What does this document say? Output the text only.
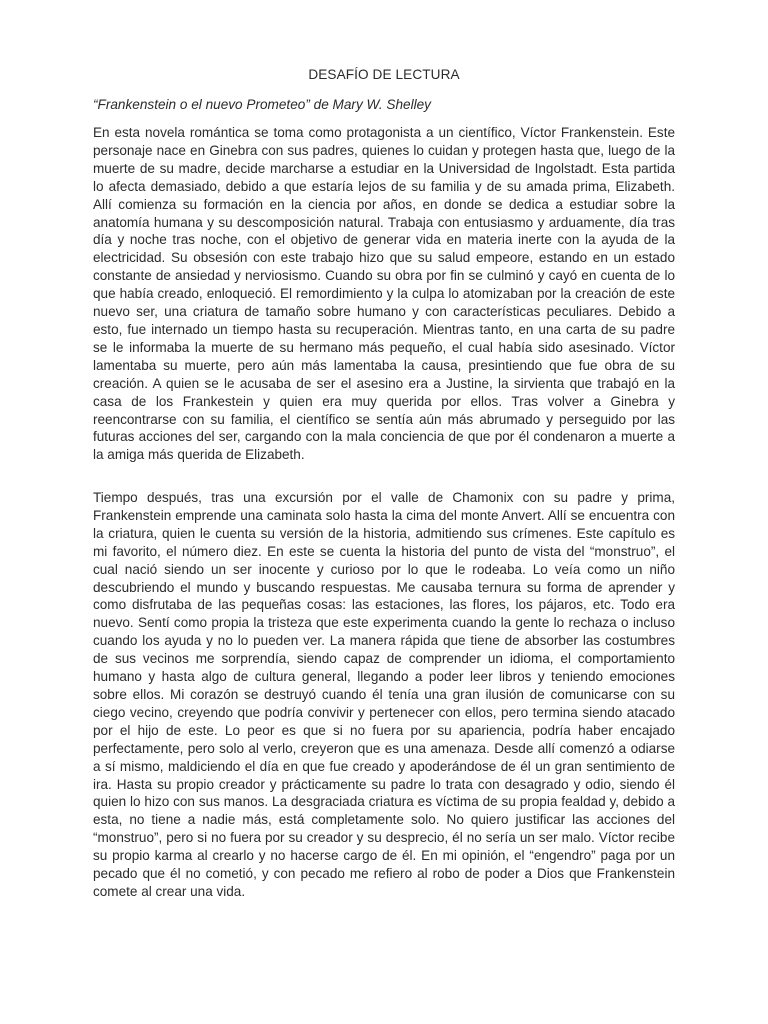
DESAFÍO DE LECTURA

“Frankenstein o el nuevo Prometeo” de Mary W. Shelley

En esta novela romántica se toma como protagonista a un científico, Víctor Frankenstein. Este personaje nace en Ginebra con sus padres, quienes lo cuidan y protegen hasta que, luego de la muerte de su madre, decide marcharse a estudiar en la Universidad de Ingolstadt. Esta partida lo afecta demasiado, debido a que estaría lejos de su familia y de su amada prima, Elizabeth. Allí comienza su formación en la ciencia por años, en donde se dedica a estudiar sobre la anatomía humana y su descomposición natural. Trabaja con entusiasmo y arduamente, día tras día y noche tras noche, con el objetivo de generar vida en materia inerte con la ayuda de la electricidad. Su obsesión con este trabajo hizo que su salud empeore, estando en un estado constante de ansiedad y nerviosismo. Cuando su obra por fin se culminó y cayó en cuenta de lo que había creado, enloqueció. El remordimiento y la culpa lo atomizaban por la creación de este nuevo ser, una criatura de tamaño sobre humano y con características peculiares. Debido a esto, fue internado un tiempo hasta su recuperación. Mientras tanto, en una carta de su padre se le informaba la muerte de su hermano más pequeño, el cual había sido asesinado. Víctor lamentaba su muerte, pero aún más lamentaba la causa, presintiendo que fue obra de su creación. A quien se le acusaba de ser el asesino era a Justine, la sirvienta que trabajó en la casa de los Frankestein y quien era muy querida por ellos. Tras volver a Ginebra y reencontrarse con su familia, el científico se sentía aún más abrumado y perseguido por las futuras acciones del ser, cargando con la mala conciencia de que por él condenaron a muerte a la amiga más querida de Elizabeth.

Tiempo después, tras una excursión por el valle de Chamonix con su padre y prima, Frankenstein emprende una caminata solo hasta la cima del monte Anvert. Allí se encuentra con la criatura, quien le cuenta su versión de la historia, admitiendo sus crímenes. Este capítulo es mi favorito, el número diez. En este se cuenta la historia del punto de vista del “monstruo”, el cual nació siendo un ser inocente y curioso por lo que le rodeaba. Lo veía como un niño descubriendo el mundo y buscando respuestas. Me causaba ternura su forma de aprender y como disfrutaba de las pequeñas cosas: las estaciones, las flores, los pájaros, etc. Todo era nuevo. Sentí como propia la tristeza que este experimenta cuando la gente lo rechaza o incluso cuando los ayuda y no lo pueden ver. La manera rápida que tiene de absorber las costumbres de sus vecinos me sorprendía, siendo capaz de comprender un idioma, el comportamiento humano y hasta algo de cultura general, llegando a poder leer libros y teniendo emociones sobre ellos. Mi corazón se destruyó cuando él tenía una gran ilusión de comunicarse con su ciego vecino, creyendo que podría convivir y pertenecer con ellos, pero termina siendo atacado por el hijo de este. Lo peor es que si no fuera por su apariencia, podría haber encajado perfectamente, pero solo al verlo, creyeron que es una amenaza. Desde allí comenzó a odiarse a sí mismo, maldiciendo el día en que fue creado y apoderándose de él un gran sentimiento de ira. Hasta su propio creador y prácticamente su padre lo trata con desagrado y odio, siendo él quien lo hizo con sus manos. La desgraciada criatura es víctima de su propia fealdad y, debido a esta, no tiene a nadie más, está completamente solo. No quiero justificar las acciones del “monstruo”, pero si no fuera por su creador y su desprecio, él no sería un ser malo. Víctor recibe su propio karma al crearlo y no hacerse cargo de él. En mi opinión, el “engendro” paga por un pecado que él no cometió, y con pecado me refiero al robo de poder a Dios que Frankenstein comete al crear una vida.
